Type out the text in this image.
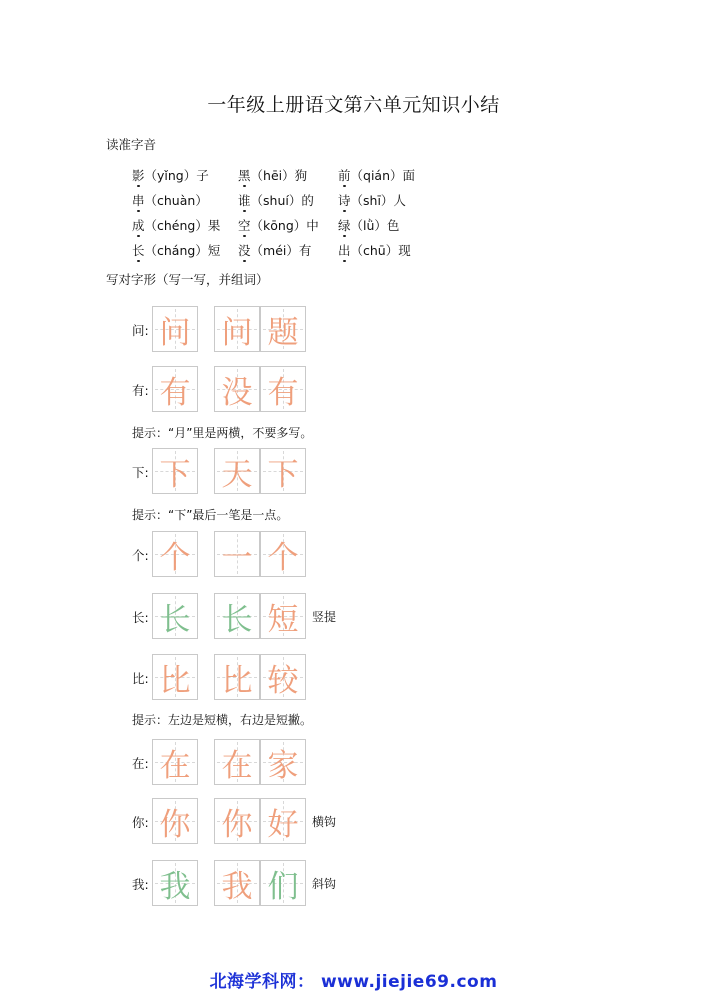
一年级上册语文第六单元知识小结
读准字音
影（yǐng）子 黑（hēi）狗 前（qián）面
串（chuàn） 谁（shuí）的 诗（shī）人
成（chéng）果 空（kōng）中 绿（lǜ）色
长（cháng）短 没（méi）有 出（chū）现
写对字形（写一写，并组词）
问: 问 问 题
有: 有 没 有
下: 下 天 下
个: 个 一 个
长: 长 长 短	竖提
比: 比 比 较
在: 在 在 家
你: 你 你 好	横钩
我: 我 我 们	斜钩
提示：“月”里是两横，不要多写。
提示：“下”最后一笔是一点。
提示：左边是短横，右边是短撇。
北海学科网： www.jiejie69.com
